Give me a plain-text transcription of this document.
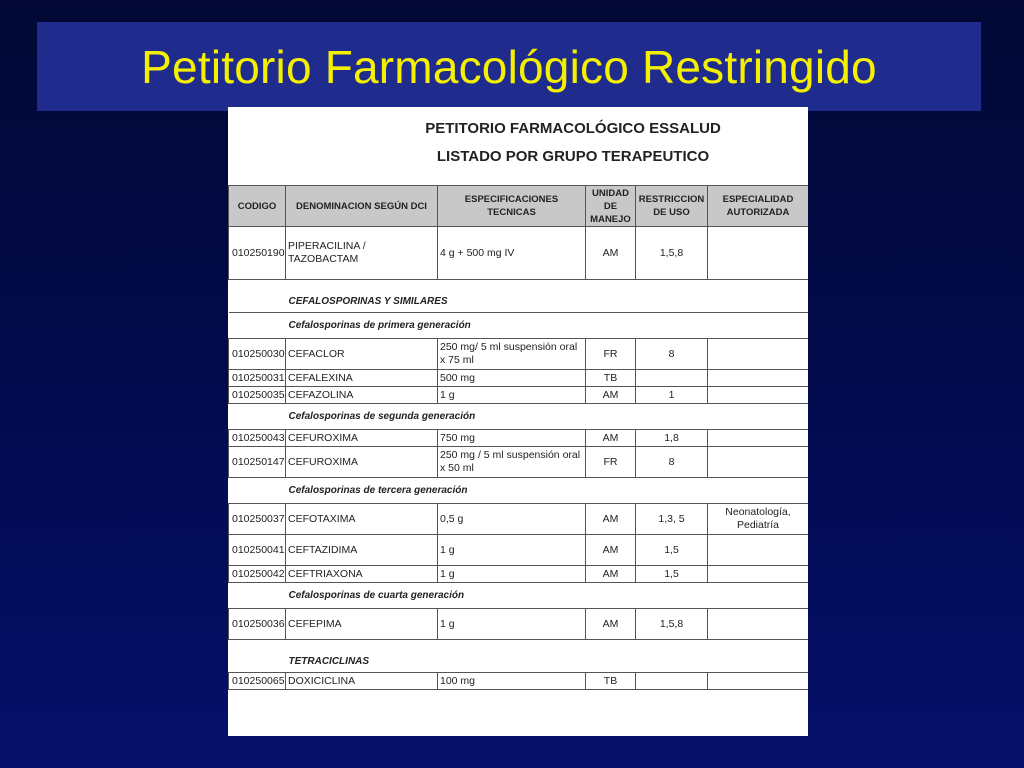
Petitorio Farmacológico Restringido
PETITORIO FARMACOLÓGICO ESSALUD
LISTADO POR GRUPO TERAPEUTICO
CODIGO	DENOMINACION SEGÚN DCI	ESPECIFICACIONES TECNICAS	UNIDAD DE MANEJO	RESTRICCION DE USO	ESPECIALIDAD AUTORIZADA
010250190	PIPERACILINA / TAZOBACTAM	4 g + 500 mg IV	AM	1,5,8	
CEFALOSPORINAS Y SIMILARES					
Cefalosporinas de primera generación					
010250030	CEFACLOR	250 mg/ 5 ml suspensión oral x 75 ml	FR	8	
010250031	CEFALEXINA	500 mg	TB		
010250035	CEFAZOLINA	1 g	AM	1	
Cefalosporinas de segunda generación					
010250043	CEFUROXIMA	750 mg	AM	1,8	
010250147	CEFUROXIMA	250 mg / 5 ml suspensión oral x 50 ml	FR	8	
Cefalosporinas de tercera generación					
010250037	CEFOTAXIMA	0,5 g	AM	1,3, 5	Neonatología, Pediatría
010250041	CEFTAZIDIMA	1 g	AM	1,5	
010250042	CEFTRIAXONA	1 g	AM	1,5	
Cefalosporinas de cuarta generación					
010250036	CEFEPIMA	1 g	AM	1,5,8	
TETRACICLINAS					
010250065	DOXICICLINA	100 mg	TB		
